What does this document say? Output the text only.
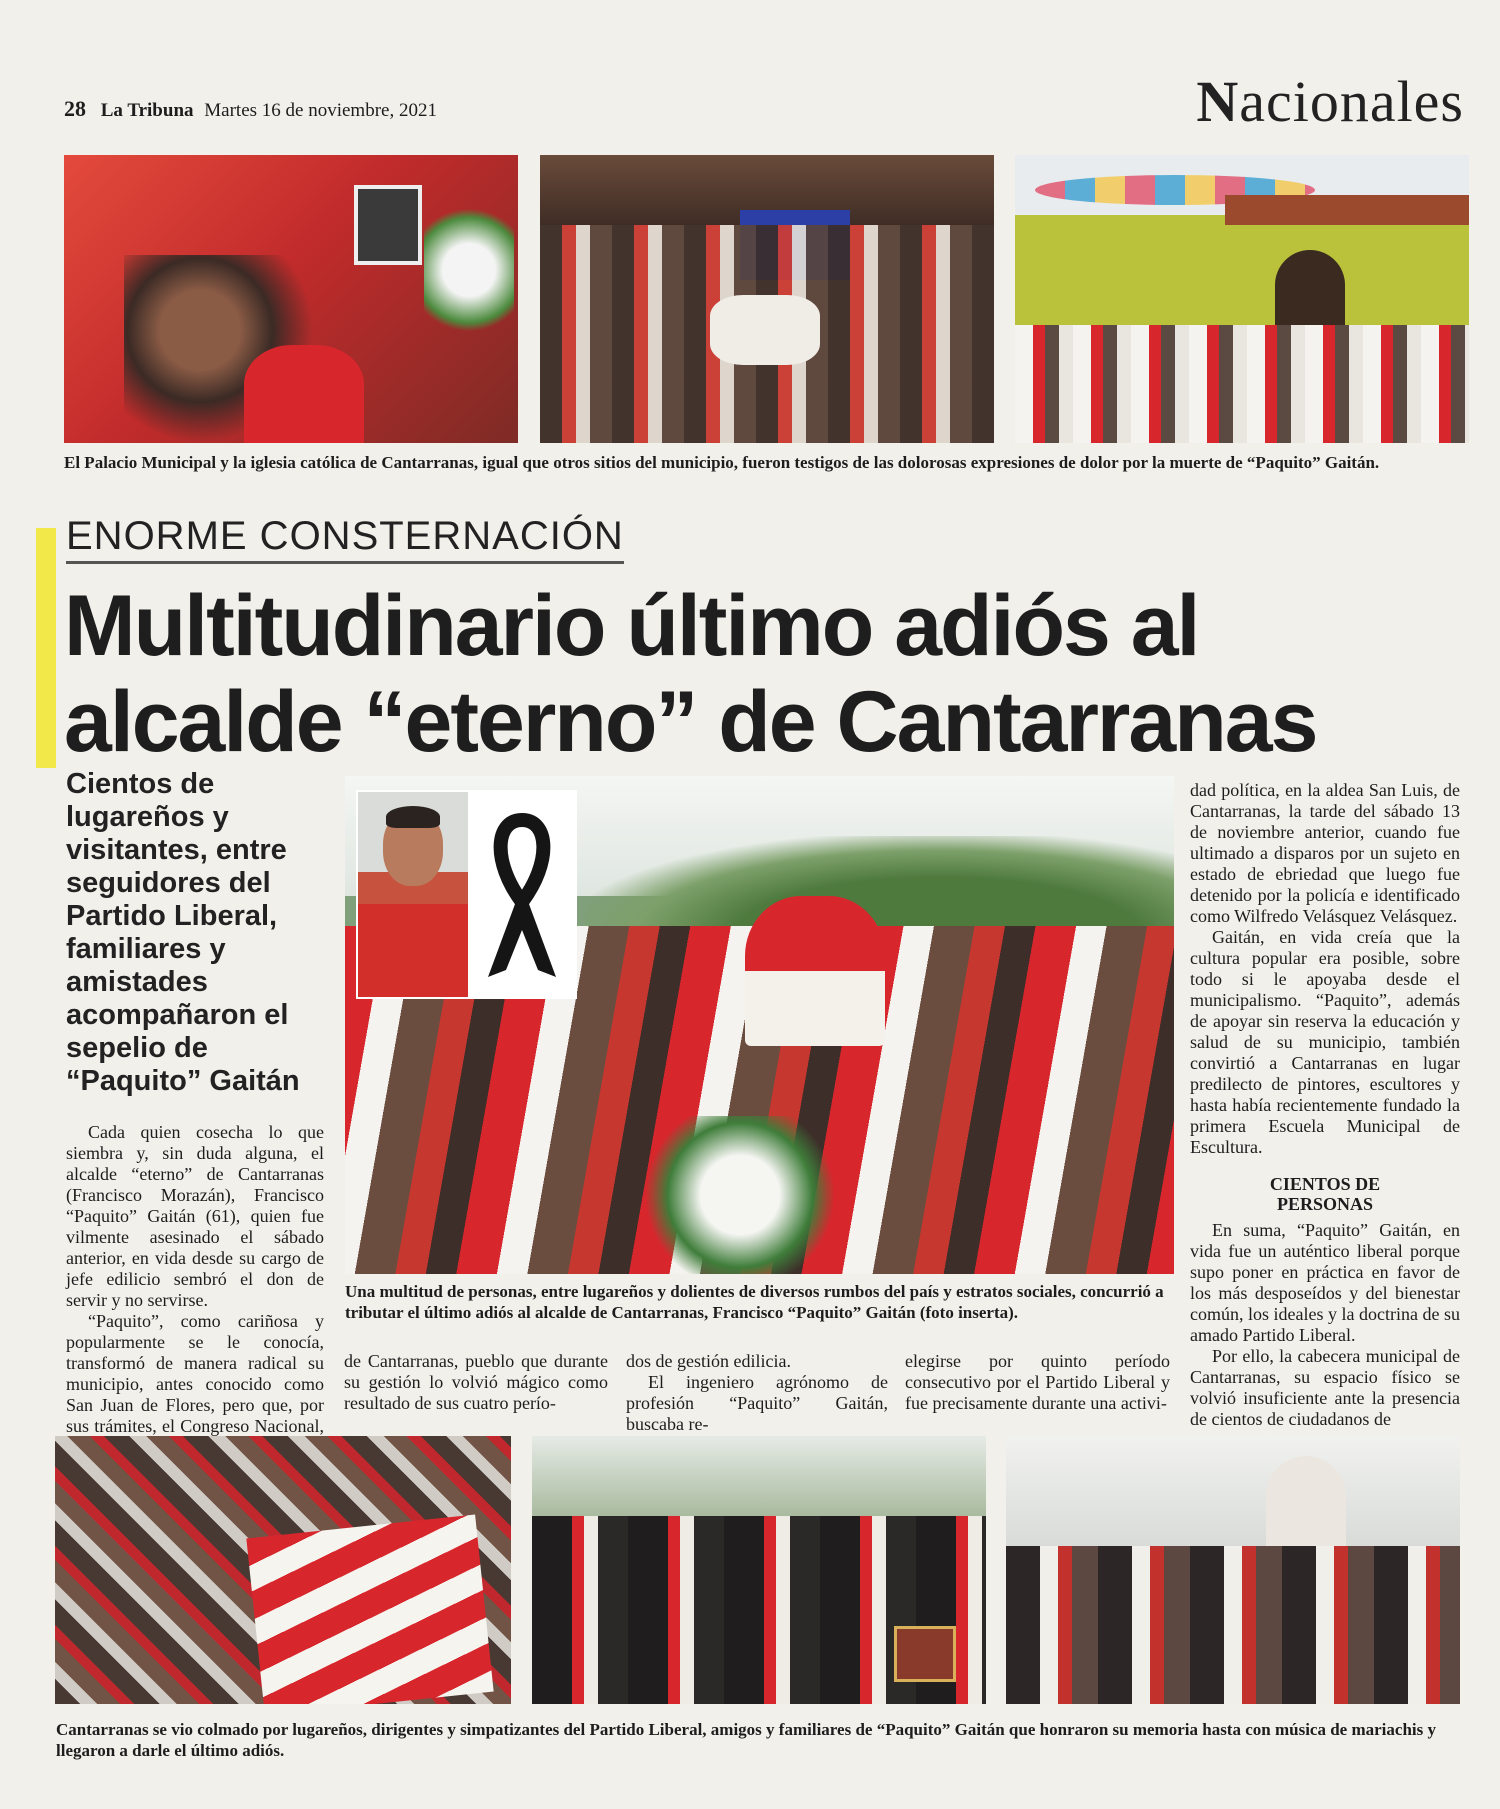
28 La Tribuna Martes 16 de noviembre, 2021	Nacionales
El Palacio Municipal y la iglesia católica de Cantarranas, igual que otros sitios del municipio, fueron testigos de las dolorosas expresiones de dolor por la muerte de “Paquito” Gaitán.
ENORME CONSTERNACIÓN
Multitudinario último adiós al
alcalde “eterno” de Cantarranas
Cientos de lugareños y visitantes, entre seguidores del Partido Liberal, familiares y amistades acompañaron el sepelio de “Paquito” Gaitán
Una multitud de personas, entre lugareños y dolientes de diversos rumbos del país y estratos sociales, concurrió a tributar el último adiós al alcalde de Cantarranas, Francisco “Paquito” Gaitán (foto inserta).

Cada quien cosecha lo que siembra y, sin duda alguna, el alcalde “eterno” de Cantarranas (Francisco Morazán), Francisco “Paquito” Gaitán (61), quien fue vilmente asesinado el sábado anterior, en vida desde su cargo de jefe edilicio sembró el don de servir y no servirse.

“Paquito”, como cariñosa y popularmente se le conocía, transformó de manera radical su municipio, antes conocido como San Juan de Flores, pero que, por sus trámites, el Congreso Nacional,

de Cantarranas, pueblo que durante su gestión lo volvió mágico como resultado de sus cuatro perío-

dos de gestión edilicia.

El ingeniero agrónomo de profesión “Paquito” Gaitán, buscaba re-

elegirse por quinto período consecutivo por el Partido Liberal y fue precisamente durante una activi-

dad política, en la aldea San Luis, de Cantarranas, la tarde del sábado 13 de noviembre anterior, cuando fue ultimado a disparos por un sujeto en estado de ebriedad que luego fue detenido por la policía e identificado como Wilfredo Velásquez Velásquez.

Gaitán, en vida creía que la cultura popular era posible, sobre todo si le apoyaba desde el municipalismo. “Paquito”, además de apoyar sin reserva la educación y salud de su municipio, también convirtió a Cantarranas en lugar predilecto de pintores, escultores y hasta había recientemente fundado la primera Escuela Municipal de Escultura.

CIENTOS DE PERSONAS

En suma, “Paquito” Gaitán, en vida fue un auténtico liberal porque supo poner en práctica en favor de los más desposeídos y del bienestar común, los ideales y la doctrina de su amado Partido Liberal.

Por ello, la cabecera municipal de Cantarranas, su espacio físico se volvió insuficiente ante la presencia de cientos de ciudadanos de

Cantarranas se vio colmado por lugareños, dirigentes y simpatizantes del Partido Liberal, amigos y familiares de “Paquito” Gaitán que honraron su memoria hasta con música de mariachis y llegaron a darle el último adiós.
